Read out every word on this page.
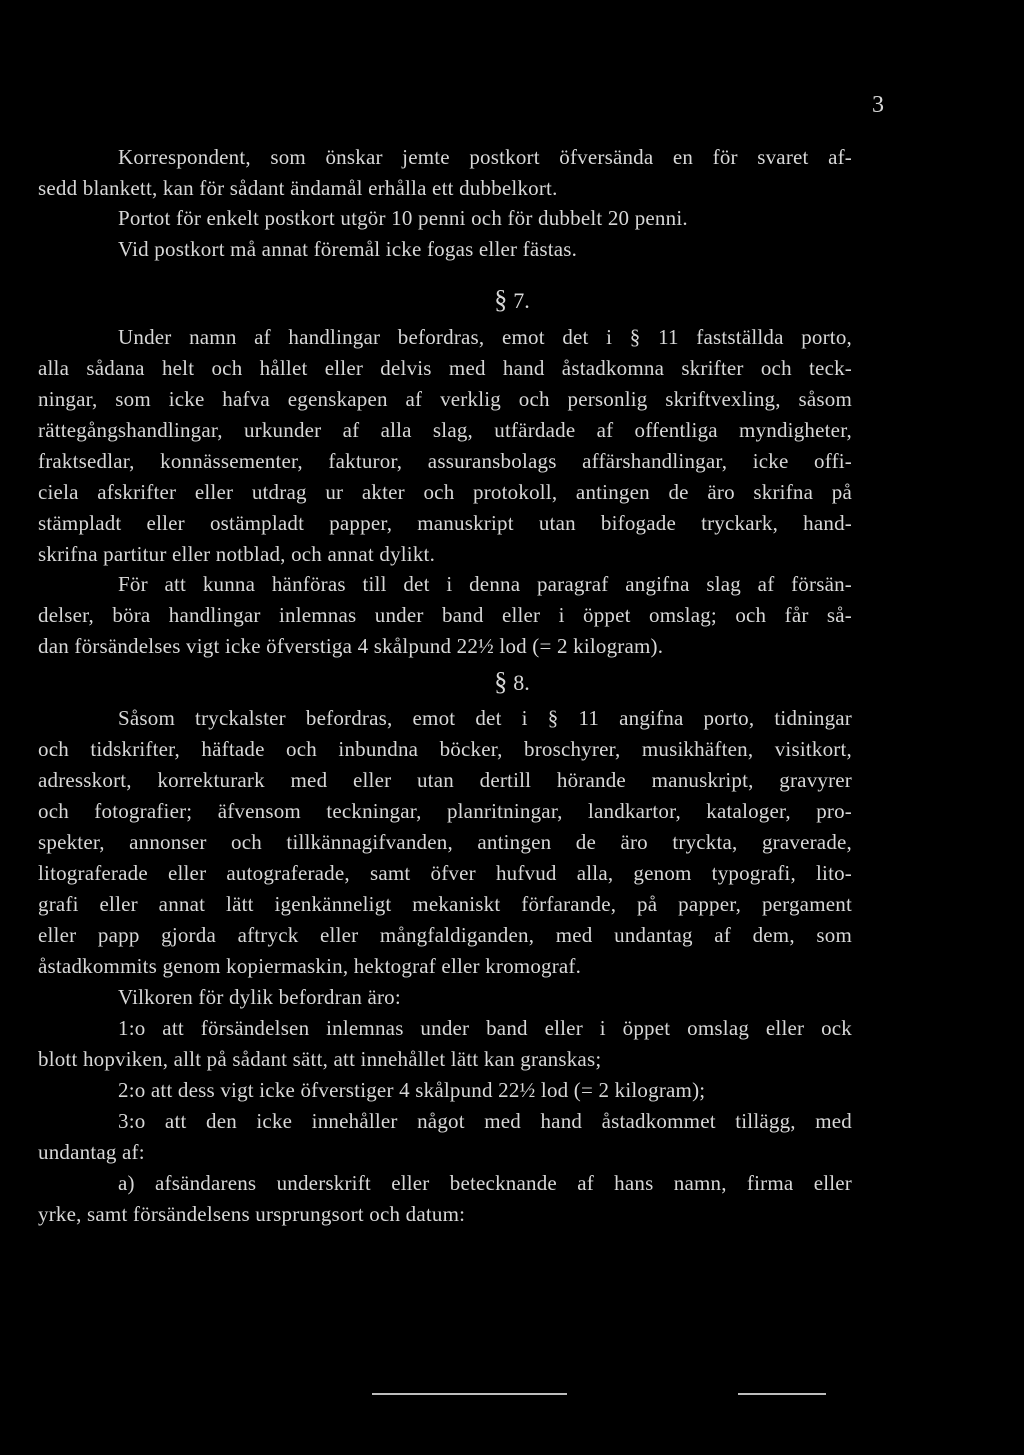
3
Korrespondent, som önskar jemte postkort öfversända en för svaret af-
sedd blankett, kan för sådant ändamål erhålla ett dubbelkort.
Portot för enkelt postkort utgör 10 penni och för dubbelt 20 penni.
Vid postkort må annat föremål icke fogas eller fästas.
§ 7.
Under namn af handlingar befordras, emot det i § 11 fastställda porto,
alla sådana helt och hållet eller delvis med hand åstadkomna skrifter och teck-
ningar, som icke hafva egenskapen af verklig och personlig skriftvexling, såsom
rättegångshandlingar, urkunder af alla slag, utfärdade af offentliga myndigheter,
fraktsedlar, konnässementer, fakturor, assuransbolags affärshandlingar, icke offi-
ciela afskrifter eller utdrag ur akter och protokoll, antingen de äro skrifna på
stämpladt eller ostämpladt papper, manuskript utan bifogade tryckark, hand-
skrifna partitur eller notblad, och annat dylikt.
För att kunna hänföras till det i denna paragraf angifna slag af försän-
delser, böra handlingar inlemnas under band eller i öppet omslag; och får så-
dan försändelses vigt icke öfverstiga 4 skålpund 22½ lod (= 2 kilogram).
§ 8.
Såsom tryckalster befordras, emot det i § 11 angifna porto, tidningar
och tidskrifter, häftade och inbundna böcker, broschyrer, musikhäften, visitkort,
adresskort, korrekturark med eller utan dertill hörande manuskript, gravyrer
och fotografier; äfvensom teckningar, planritningar, landkartor, kataloger, pro-
spekter, annonser och tillkännagifvanden, antingen de äro tryckta, graverade,
litograferade eller autograferade, samt öfver hufvud alla, genom typografi, lito-
grafi eller annat lätt igenkänneligt mekaniskt förfarande, på papper, pergament
eller papp gjorda aftryck eller mångfaldiganden, med undantag af dem, som
åstadkommits genom kopiermaskin, hektograf eller kromograf.
Vilkoren för dylik befordran äro:
1:o att försändelsen inlemnas under band eller i öppet omslag eller ock
blott hopviken, allt på sådant sätt, att innehållet lätt kan granskas;
2:o att dess vigt icke öfverstiger 4 skålpund 22½ lod (= 2 kilogram);
3:o att den icke innehåller något med hand åstadkommet tillägg, med
undantag af:
a) afsändarens underskrift eller betecknande af hans namn, firma eller
yrke, samt försändelsens ursprungsort och datum:
